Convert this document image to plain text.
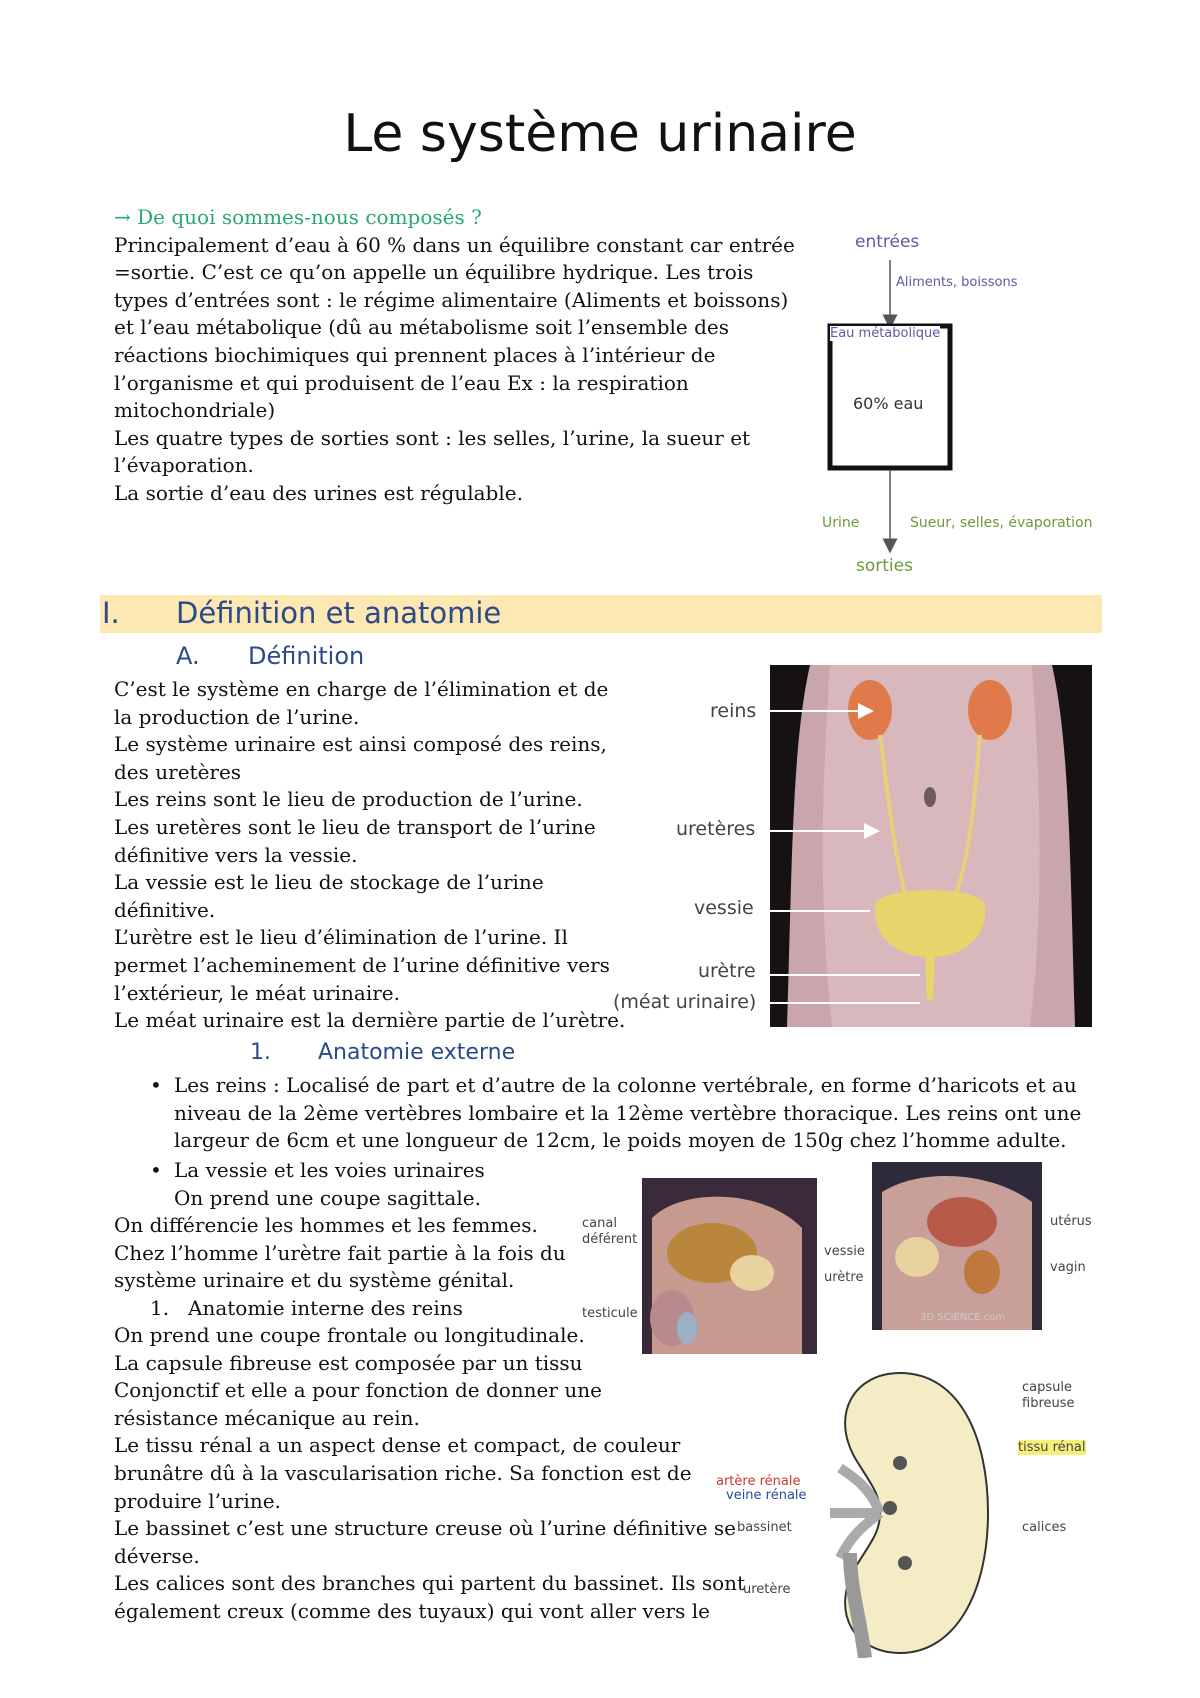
Le système urinaire
→ De quoi sommes-nous composés ?
Principalement d’eau à 60 % dans un équilibre constant car entrée
=sortie. C’est ce qu’on appelle un équilibre hydrique. Les trois
types d’entrées sont : le régime alimentaire (Aliments et boissons)
et l’eau métabolique (dû au métabolisme soit l’ensemble des
réactions biochimiques qui prennent places à l’intérieur de
l’organisme et qui produisent de l’eau Ex : la respiration
mitochondriale)
Les quatre types de sorties sont : les selles, l’urine, la sueur et
l’évaporation.
La sortie d’eau des urines est régulable.
entrées
Aliments, boissons
Eau métabolique
60% eau
Urine	Sueur, selles, évaporation
sorties
I. Définition et anatomie
A. Définition
C’est le système en charge de l’élimination et de
la production de l’urine.
Le système urinaire est ainsi composé des reins,
des uretères
Les reins sont le lieu de production de l’urine.
Les uretères sont le lieu de transport de l’urine
définitive vers la vessie.
La vessie est le lieu de stockage de l’urine
définitive.
L’urètre est le lieu d’élimination de l’urine. Il
permet l’acheminement de l’urine définitive vers
l’extérieur, le méat urinaire.
Le méat urinaire est la dernière partie de l’urètre.
reins
uretères
vessie
urètre
(méat urinaire)
1. Anatomie externe
• Les reins : Localisé de part et d’autre de la colonne vertébrale, en forme d’haricots et au
niveau de la 2ème vertèbres lombaire et la 12ème vertèbre thoracique. Les reins ont une
largeur de 6cm et une longueur de 12cm, le poids moyen de 150g chez l’homme adulte.
• La vessie et les voies urinaires
On prend une coupe sagittale.
On différencie les hommes et les femmes.
Chez l’homme l’urètre fait partie à la fois du
système urinaire et du système génital.
1. Anatomie interne des reins
On prend une coupe frontale ou longitudinale.
La capsule fibreuse est composée par un tissu
Conjonctif et elle a pour fonction de donner une
résistance mécanique au rein.
Le tissu rénal a un aspect dense et compact, de couleur
brunâtre dû à la vascularisation riche. Sa fonction est de
produire l’urine.
Le bassinet c’est une structure creuse où l’urine définitive se
déverse.
Les calices sont des branches qui partent du bassinet. Ils sont
également creux (comme des tuyaux) qui vont aller vers le
canal
déférent
testicule
vessie
urètre
utérus
vagin
3D SCIENCE.com
capsule
fibreuse
tissu rénal
artère rénale
veine rénale
bassinet	calices
uretère
